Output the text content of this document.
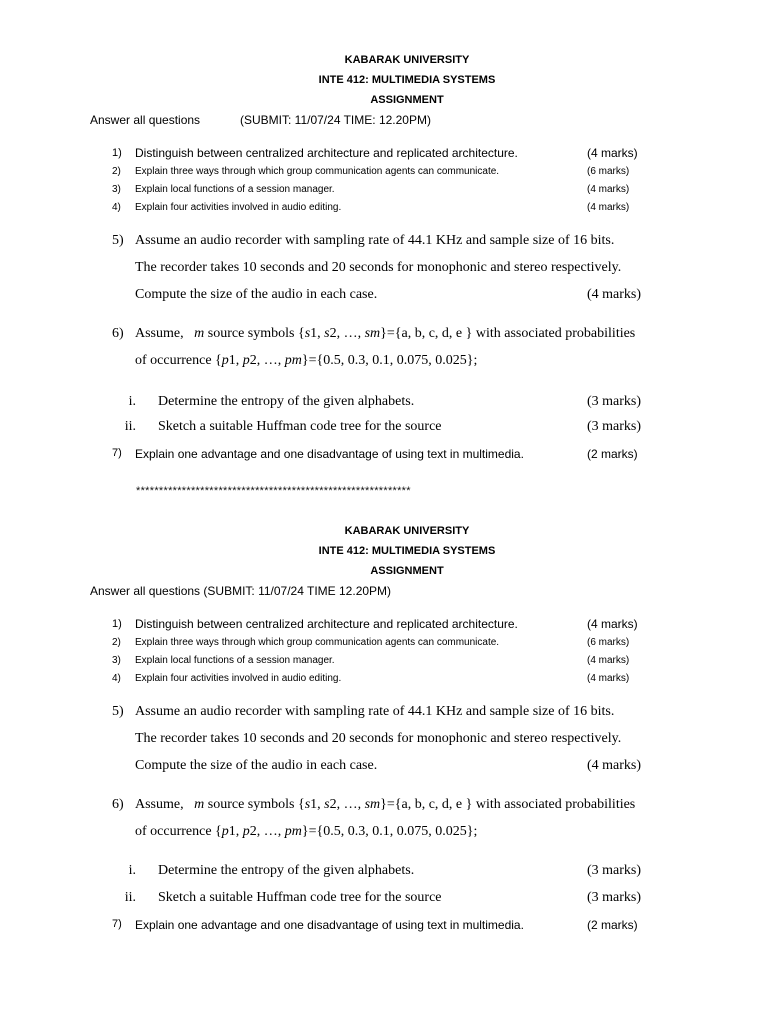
KABARAK UNIVERSITY
INTE 412: MULTIMEDIA SYSTEMS
ASSIGNMENT
Answer all questions	(SUBMIT: 11/07/24 TIME: 12.20PM)
1) Distinguish between centralized architecture and replicated architecture.	(4 marks)
2) Explain three ways through which group communication agents can communicate.	(6 marks)
3) Explain local functions of a session manager.	(4 marks)
4) Explain four activities involved in audio editing.	(4 marks)
5) Assume an audio recorder with sampling rate of 44.1 KHz and sample size of 16 bits.
The recorder takes 10 seconds and 20 seconds for monophonic and stereo respectively.
Compute the size of the audio in each case.	(4 marks)
6) Assume, m source symbols {s1, s2, …, sm}={a, b, c, d, e } with associated probabilities
of occurrence {p1, p2, …, pm}={0.5, 0.3, 0.1, 0.075, 0.025};
i. Determine the entropy of the given alphabets.	(3 marks)
ii. Sketch a suitable Huffman code tree for the source	(3 marks)
7) Explain one advantage and one disadvantage of using text in multimedia.	(2 marks)
************************************************************
KABARAK UNIVERSITY
INTE 412: MULTIMEDIA SYSTEMS
ASSIGNMENT
Answer all questions (SUBMIT: 11/07/24 TIME 12.20PM)
1) Distinguish between centralized architecture and replicated architecture.	(4 marks)
2) Explain three ways through which group communication agents can communicate.	(6 marks)
3) Explain local functions of a session manager.	(4 marks)
4) Explain four activities involved in audio editing.	(4 marks)
5) Assume an audio recorder with sampling rate of 44.1 KHz and sample size of 16 bits.
The recorder takes 10 seconds and 20 seconds for monophonic and stereo respectively.
Compute the size of the audio in each case.	(4 marks)
6) Assume, m source symbols {s1, s2, …, sm}={a, b, c, d, e } with associated probabilities
of occurrence {p1, p2, …, pm}={0.5, 0.3, 0.1, 0.075, 0.025};
i. Determine the entropy of the given alphabets.	(3 marks)
ii. Sketch a suitable Huffman code tree for the source	(3 marks)
7) Explain one advantage and one disadvantage of using text in multimedia.	(2 marks)
